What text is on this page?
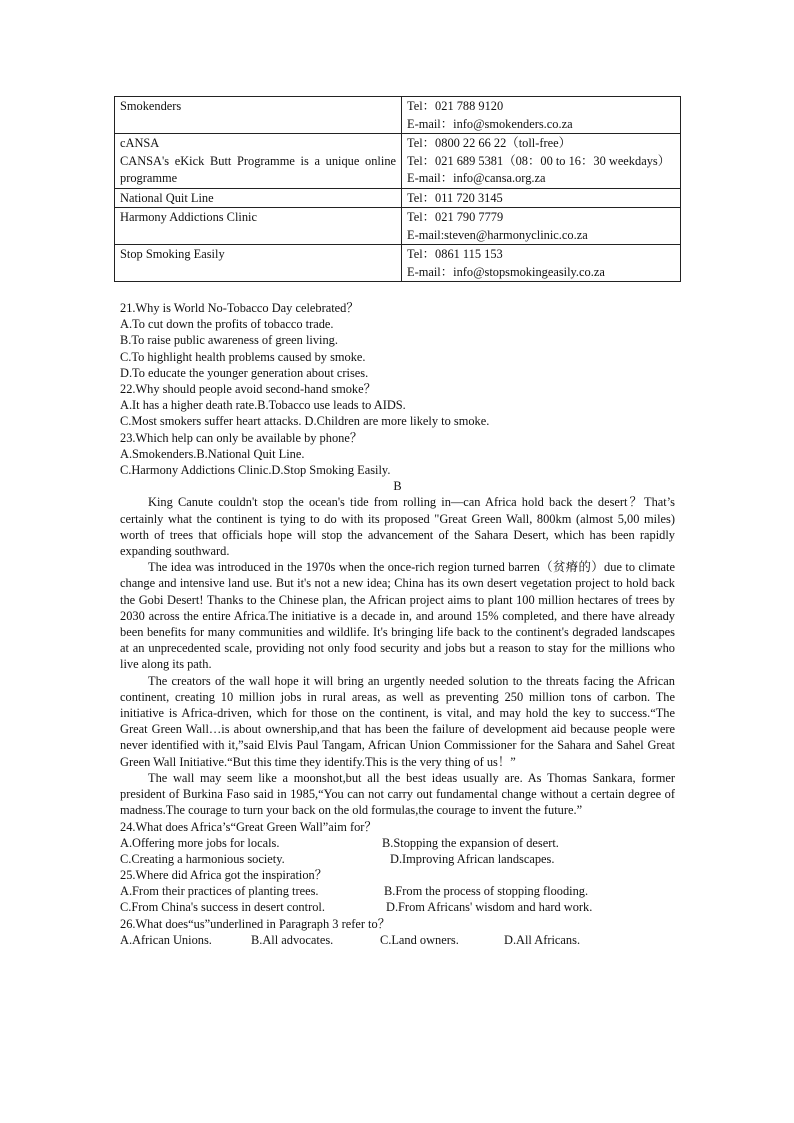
Smokenders	Tel：021 788 9120
E-mail：info@smokenders.co.za

cANSA
CANSA's eKick Butt Programme is a unique online programme	Tel：0800 22 66 22（toll-free）
Tel：021 689 5381（08：00 to 16：30 weekdays）
E-mail：info@cansa.org.za

National Quit Line	Tel：011 720 3145

Harmony Addictions Clinic	Tel：021 790 7779
E-mail:steven@harmonyclinic.co.za

Stop Smoking Easily	Tel：0861 115 153
E-mail：info@stopsmokingeasily.co.za

21.Why is World No-Tobacco Day celebrated？

A.To cut down the profits of tobacco trade.

B.To raise public awareness of green living.

C.To highlight health problems caused by smoke.

D.To educate the younger generation about crises.

22.Why should people avoid second-hand smoke？

A.It has a higher death rate.B.Tobacco use leads to AIDS.

C.Most smokers suffer heart attacks. D.Children are more likely to smoke.

23.Which help can only be available by phone？

A.Smokenders.B.National Quit Line.

C.Harmony Addictions Clinic.D.Stop Smoking Easily.

B

King Canute couldn't stop the ocean's tide from rolling in—can Africa hold back the desert？That’s certainly what the continent is tying to do with its proposed "Great Green Wall, 800km (almost 5,00 miles) worth of trees that officials hope will stop the advancement of the Sahara Desert, which has been rapidly expanding southward.

The idea was introduced in the 1970s when the once-rich region turned barren（贫瘠的）due to climate change and intensive land use. But it's not a new idea; China has its own desert vegetation project to hold back the Gobi Desert! Thanks to the Chinese plan, the African project aims to plant 100 million hectares of trees by 2030 across the entire Africa.The initiative is a decade in, and around 15% completed, and there have already been benefits for many communities and wildlife. It's bringing life back to the continent's degraded landscapes at an unprecedented scale, providing not only food security and jobs but a reason to stay for the millions who live along its path.

The creators of the wall hope it will bring an urgently needed solution to the threats facing the African continent, creating 10 million jobs in rural areas, as well as preventing 250 million tons of carbon. The initiative is Africa-driven, which for those on the continent, is vital, and may hold the key to success.“The Great Green Wall…is about ownership,and that has been the failure of development aid because people were never identified with it,”said Elvis Paul Tangam, African Union Commissioner for the Sahara and Sahel Great Green Wall Initiative.“But this time they identify.This is the very thing of us！”

The wall may seem like a moonshot,but all the best ideas usually are. As Thomas Sankara, former president of Burkina Faso said in 1985,“You can not carry out fundamental change without a certain degree of madness.The courage to turn your back on the old formulas,the courage to invent the future.”

24.What does Africa’s“Great Green Wall”aim for？

A.Offering more jobs for locals.	B.Stopping the expansion of desert.
C.Creating a harmonious society.	D.Improving African landscapes.

25.Where did Africa got the inspiration？

A.From their practices of planting trees.	B.From the process of stopping flooding.
C.From China's success in desert control.	D.From Africans' wisdom and hard work.

26.What does“us”underlined in Paragraph 3 refer to？

A.African Unions.	B.All advocates.	C.Land owners.	D.All Africans.
